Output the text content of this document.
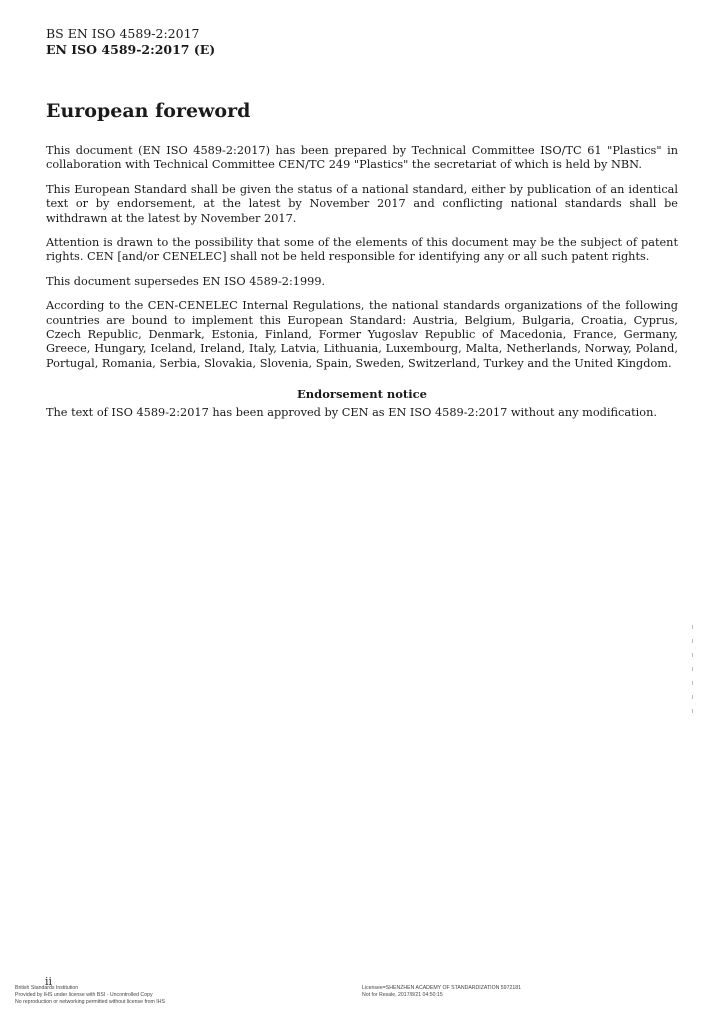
BS EN ISO 4589-2:2017
EN ISO 4589-2:2017 (E)
European foreword

This document (EN ISO 4589-2:2017) has been prepared by Technical Committee ISO/TC 61 "Plastics" in collaboration with Technical Committee CEN/TC 249 "Plastics" the secretariat of which is held by NBN.

This European Standard shall be given the status of a national standard, either by publication of an identical text or by endorsement, at the latest by November 2017 and conflicting national standards shall be withdrawn at the latest by November 2017.

Attention is drawn to the possibility that some of the elements of this document may be the subject of patent rights. CEN [and/or CENELEC] shall not be held responsible for identifying any or all such patent rights.

This document supersedes EN ISO 4589-2:1999.

According to the CEN-CENELEC Internal Regulations, the national standards organizations of the following countries are bound to implement this European Standard: Austria, Belgium, Bulgaria, Croatia, Cyprus, Czech Republic, Denmark, Estonia, Finland, Former Yugoslav Republic of Macedonia, France, Germany, Greece, Hungary, Iceland, Ireland, Italy, Latvia, Lithuania, Luxembourg, Malta, Netherlands, Norway, Poland, Portugal, Romania, Serbia, Slovakia, Slovenia, Spain, Sweden, Switzerland, Turkey and the United Kingdom.

Endorsement notice

The text of ISO 4589-2:2017 has been approved by CEN as EN ISO 4589-2:2017 without any modification.

ii
British Standards Institution
Provided by IHS under license with BSI - Uncontrolled Copy
No reproduction or networking permitted without license from IHS
Licensee=SHENZHEN ACADEMY OF STANDARDIZATION 5972181
Not for Resale, 2017/8/21 04:50:15
